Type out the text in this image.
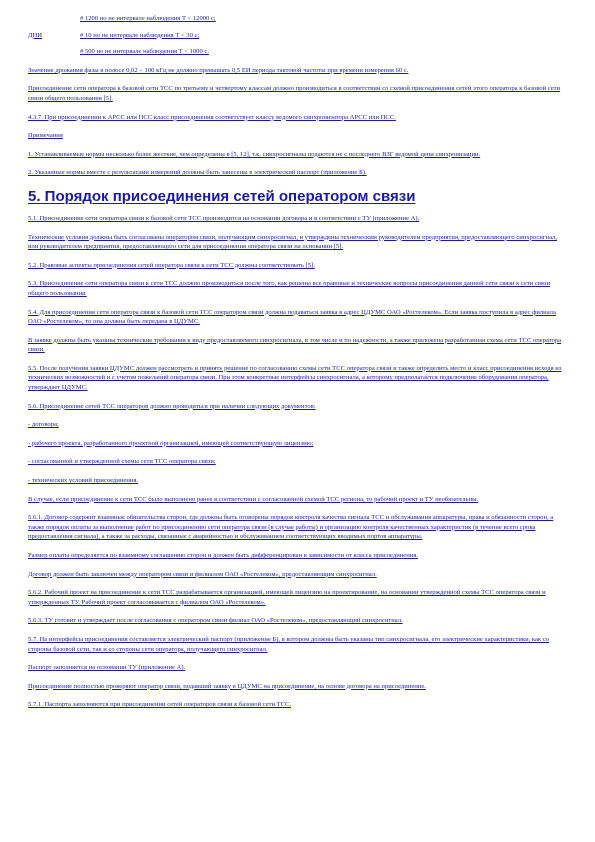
# 1200 но не интервале наблюдения T < 12000 с;
ДНИ	# 10 но не интервале наблюдения T < 30 с;
# 500 но не интервале наблюдения T < 1000 с.

Значение дрожания фазы в полосе 0,02 ÷ 100 кГц не должно превышать 0,5 ЕИ периода тактовой частоты при времени измерения 60 с.

Присоединение сети оператора к базовой сети ТСС по третьему и четвертому классам должно производиться в соответствии со схемой присоединения сетей этого оператора к базовой сети связи общего пользования [5].

4.3.7. При присоединении к АРСС или ПСС класс присоединения соответствует классу ведомого синхронизатора АРСС или ПСС.

Примечания

1. Устанавливаемые нормы несколько более жесткие, чем определены в [5, 12], т.к. синхросигналы подаются не с последнего ВЗГ ведомой цепи синхронизации.

2. Указанные нормы вместе с результатами измерений должны быть занесены в электрический паспорт (приложение Б).

5. Порядок присоединения сетей оператором связи

5.1. Присоединение сети оператора связи к базовой сети ТСС производится на основании договора и в соответствии с ТУ (приложение А).

Технические условия должны быть согласованы оператором связи, получающим синхросигнал, и утверждены техническим руководителем предприятия, предоставляющего синхросигнал, или руководителем предприятия, предоставляющего сети для присоединения оператора связи на основании [5].

5.2. Правовые аспекты присоединения сетей оператора связи к сети ТСС должны соответствовать [5].

5.3. Присоединение сети оператора связи к сети ТСС должно производиться после того, как решены все правовые и технические вопросы присоединения данной сети связи к сети связи общего пользования.

5.4. Для присоединения сети оператора связи к базовой сети ТСС оператором связи должна подаваться заявка в адрес ЦДУМС ОАО «Ростелеком». Если заявка поступила в адрес филиала ОАО «Ростелеком», то она должна быть передана в ЦДУМС.

В заявке должны быть указаны технические требования к виду предоставляемого синхросигнала, в том числе и по надежности, а также приложена разработанная схема сети ТСС оператора связи.

5.5. После получения заявки ЦДУМС должен рассмотреть и принять решение по согласованию схемы сети ТСС оператора связи и также определить место и класс присоединения исходя из технических возможностей и с учетом пожеланий оператора связи. При этом конкретные интерфейсы синхросигнала, а которому предполагается подключение оборудования оператора, утверждает ЦДУМС.

5.6. Присоединение сетей ТСС операторов должно проводиться при наличии следующих документов:

- договора;

- рабочего проекта, разработанного проектной организацией, имеющей соответствующую лицензию;

- согласованной и утвержденной схемы сети ТСС оператора связи;

- технических условий присоединения.

В случае, если присоединение к сети ТСС было выполнено ранее в соответствии с согласованной схемой ТСС региона, то рабочий проект и ТУ необязательны.

5.6.1. Договор содержит взаимные обязательства сторон, где должны быть оговорены порядок контроля качества сигнала ТСС и обслуживания аппаратуры, права и обязанности сторон, а также порядок оплаты за выполнение работ по присоединению сети оператора связи (в случае работы) и организацию контроля качественных характеристик (в течение всего срока предоставления сигнала), а также за расходы, связанные с аварийностью и обслуживанием соответствующих вводимых портов аппаратуры.

Размер оплаты определяется по взаимному соглашению сторон и должен быть дифференцирован в зависимости от класса присоединения.

Договор должен быть заключен между оператором связи и филиалом ОАО «Ростелеком», предоставляющим синхросигнал.

5.6.2. Рабочий проект на присоединение к сети ТСС разрабатывается организацией, имеющей лицензию на проектирование, на основании утвержденной схемы ТСС оператора связи и утвержденных ТУ. Рабочий проект согласовывается с филиалом ОАО «Ростелеком».

5.6.3. ТУ готовит и утверждает после согласования с оператором связи филиал ОАО «Ростелеком», предоставляющий синхросигнал.

5.7. На интерфейсы присоединения составляется электрический паспорт (приложение Б), в котором должны быть указаны тип синхросигнала, его электрические характеристики, как со стороны базовой сети, так и со стороны сети оператора, получающего синхросигнал.

Паспорт заполняется на основании ТУ (приложение А).

Присоединение полностью проверяют оператор связи, подавший заявку в ЦДУМС на присоединение, на основе договора на присоединение.

5.7.1. Паспорта заполняются при присоединении сетей операторов связи к базовой сети ТСС.
